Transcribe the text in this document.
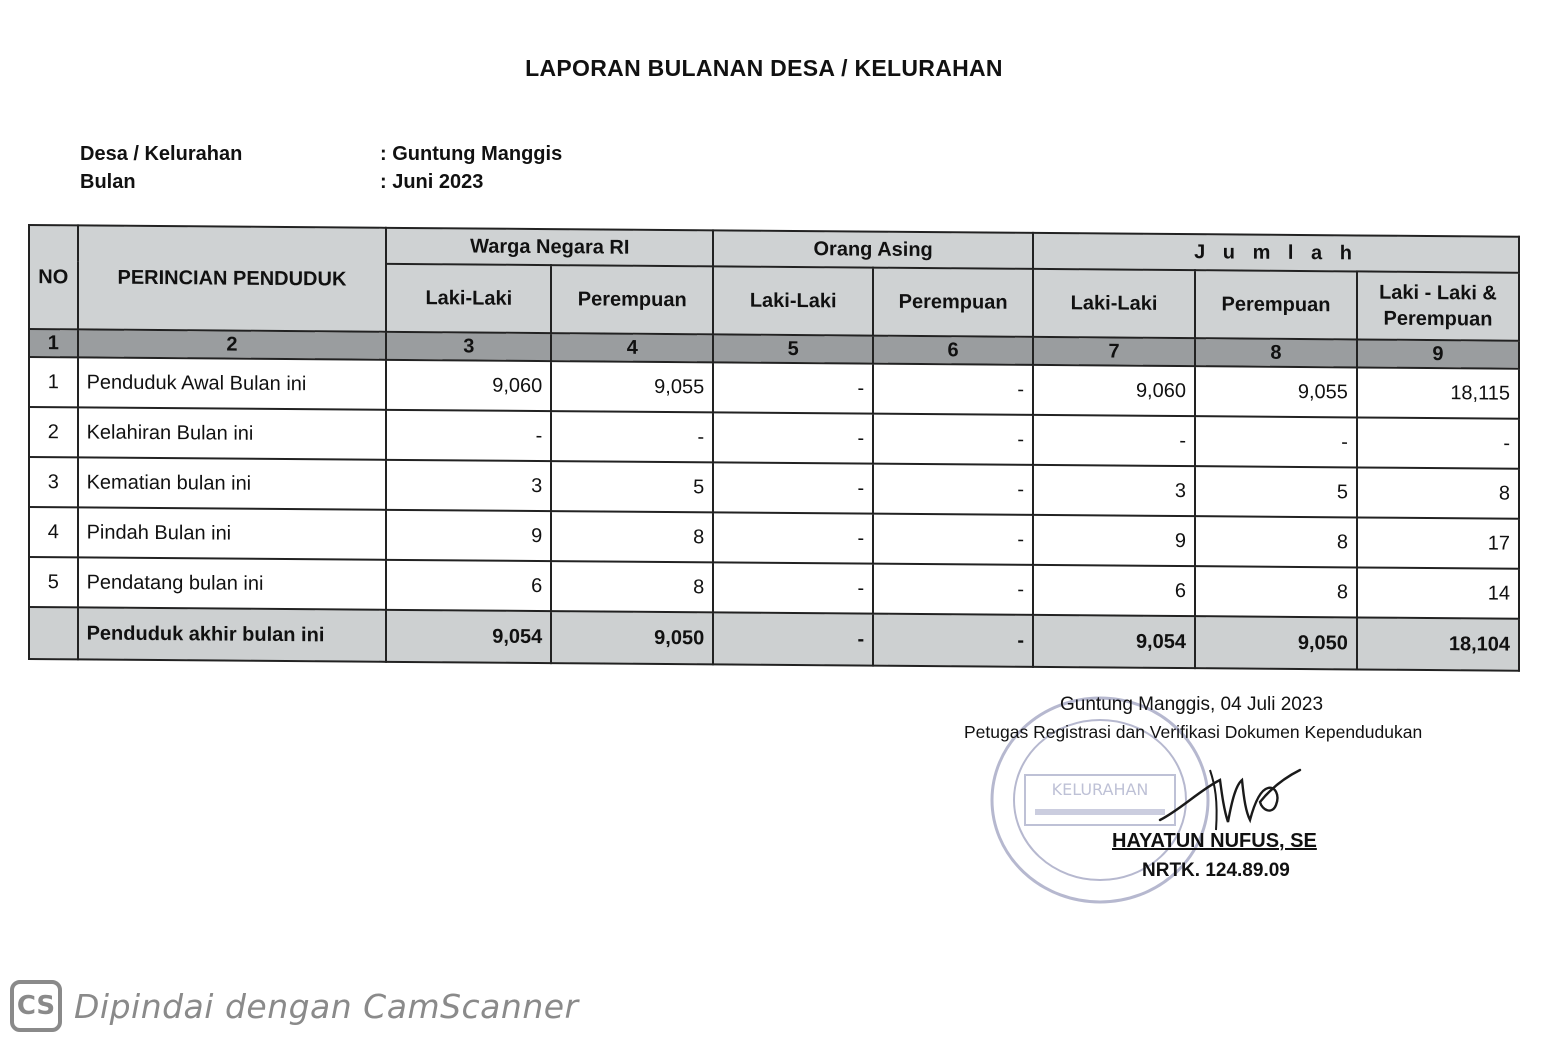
LAPORAN BULANAN DESA / KELURAHAN
Desa / Kelurahan	: Guntung Manggis
Bulan	: Juni 2023
NO	PERINCIAN PENDUDUK	Warga Negara RI		Orang Asing		J u m l a h		
		Laki-Laki	Perempuan	Laki-Laki	Perempuan	Laki-Laki	Perempuan	Laki - Laki & Perempuan
1	2	3	4	5	6	7	8	9
1	Penduduk Awal Bulan ini	9,060	9,055	-	-	9,060	9,055	18,115
2	Kelahiran Bulan ini	-	-	-	-	-	-	-
3	Kematian bulan ini	3	5	-	-	3	5	8
4	Pindah Bulan ini	9	8	-	-	9	8	17
5	Pendatang bulan ini	6	8	-	-	6	8	14
	Penduduk akhir bulan ini	9,054	9,050	-	-	9,054	9,050	18,104
KELURAHAN
Guntung Manggis, 04 Juli 2023
Petugas Registrasi dan Verifikasi Dokumen Kependudukan
HAYATUN NUFUS, SE
NRTK. 124.89.09
CS Dipindai dengan CamScanner
